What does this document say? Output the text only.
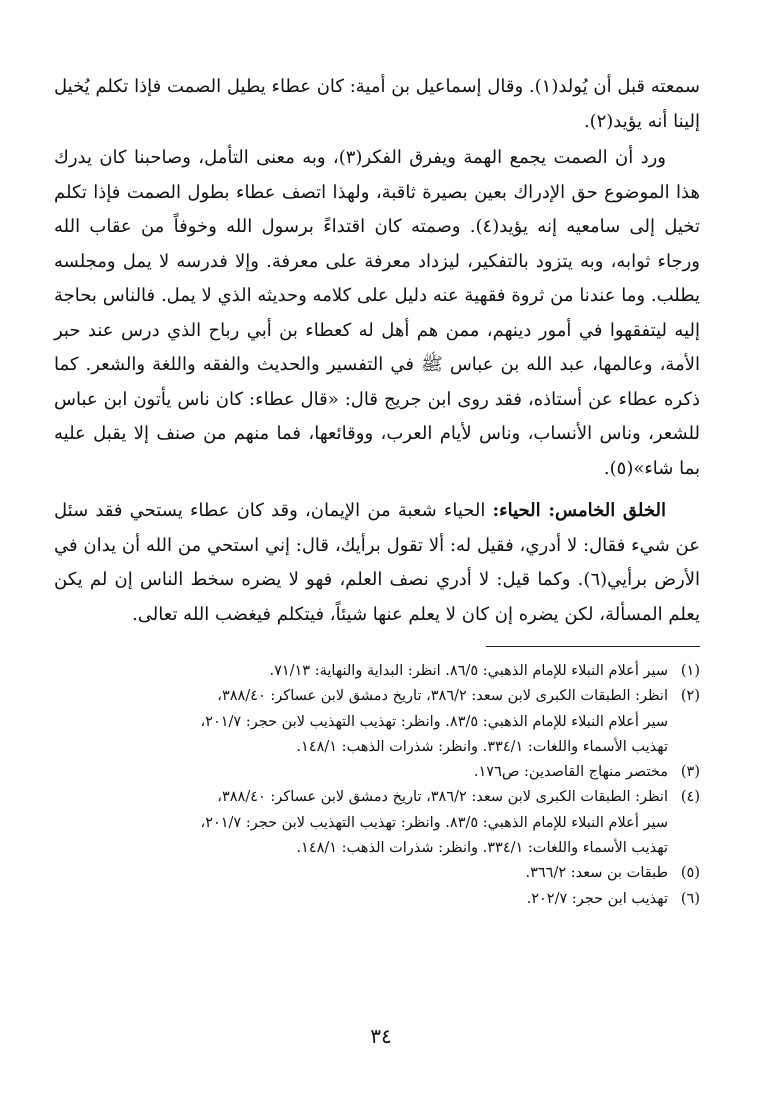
سمعته قبل أن يُولد(١). وقال إسماعيل بن أمية: كان عطاء يطيل الصمت فإذا تكلم يُخيل إلينا أنه يؤيد(٢).

ورد أن الصمت يجمع الهمة ويفرق الفكر(٣)، وبه معنى التأمل، وصاحبنا كان يدرك هذا الموضوع حق الإدراك بعين بصيرة ثاقبة، ولهذا اتصف عطاء بطول الصمت فإذا تكلم تخيل إلى سامعيه إنه يؤيد(٤). وصمته كان اقتداءً برسول الله وخوفاً من عقاب الله ورجاء ثوابه، وبه يتزود بالتفكير، ليزداد معرفة على معرفة. وإلا فدرسه لا يمل ومجلسه يطلب. وما عندنا من ثروة فقهية عنه دليل على كلامه وحديثه الذي لا يمل. فالناس بحاجة إليه ليتفقهوا في أمور دينهم، ممن هم أهل له كعطاء بن أبي رباح الذي درس عند حبر الأمة، وعالمها، عبد الله بن عباس ﷺ في التفسير والحديث والفقه واللغة والشعر. كما ذكره عطاء عن أستاذه، فقد روى ابن جريج قال: «قال عطاء: كان ناس يأتون ابن عباس للشعر، وناس الأنساب، وناس لأيام العرب، ووقائعها، فما منهم من صنف إلا يقبل عليه بما شاء»(٥).

الخلق الخامس: الحياء: الحياء شعبة من الإيمان، وقد كان عطاء يستحي فقد سئل عن شيء فقال: لا أدري، فقيل له: ألا تقول برأيك، قال: إني استحي من الله أن يدان في الأرض برأيي(٦). وكما قيل: لا أدري نصف العلم، فهو لا يضره سخط الناس إن لم يكن يعلم المسألة، لكن يضره إن كان لا يعلم عنها شيئاً، فيتكلم فيغضب الله تعالى.

(١)
سير أعلام النبلاء للإمام الذهبي: ٨٦/٥. انظر: البداية والنهاية: ٧١/١٣.
(٢)
انظر: الطبقات الكبرى لابن سعد: ٣٨٦/٢، تاريخ دمشق لابن عساكر: ٣٨٨/٤٠،
سير أعلام النبلاء للإمام الذهبي: ٨٣/٥. وانظر: تهذيب التهذيب لابن حجر: ٢٠١/٧،
تهذيب الأسماء واللغات: ٣٣٤/١. وانظر: شذرات الذهب: ١٤٨/١.
(٣)
مختصر منهاج القاصدين: ص١٧٦.
(٤)
انظر: الطبقات الكبرى لابن سعد: ٣٨٦/٢، تاريخ دمشق لابن عساكر: ٣٨٨/٤٠،
سير أعلام النبلاء للإمام الذهبي: ٨٣/٥. وانظر: تهذيب التهذيب لابن حجر: ٢٠١/٧،
تهذيب الأسماء واللغات: ٣٣٤/١. وانظر: شذرات الذهب: ١٤٨/١.
(٥)
طبقات بن سعد: ٣٦٦/٢.
(٦)
تهذيب ابن حجر: ٢٠٢/٧.
٣٤
